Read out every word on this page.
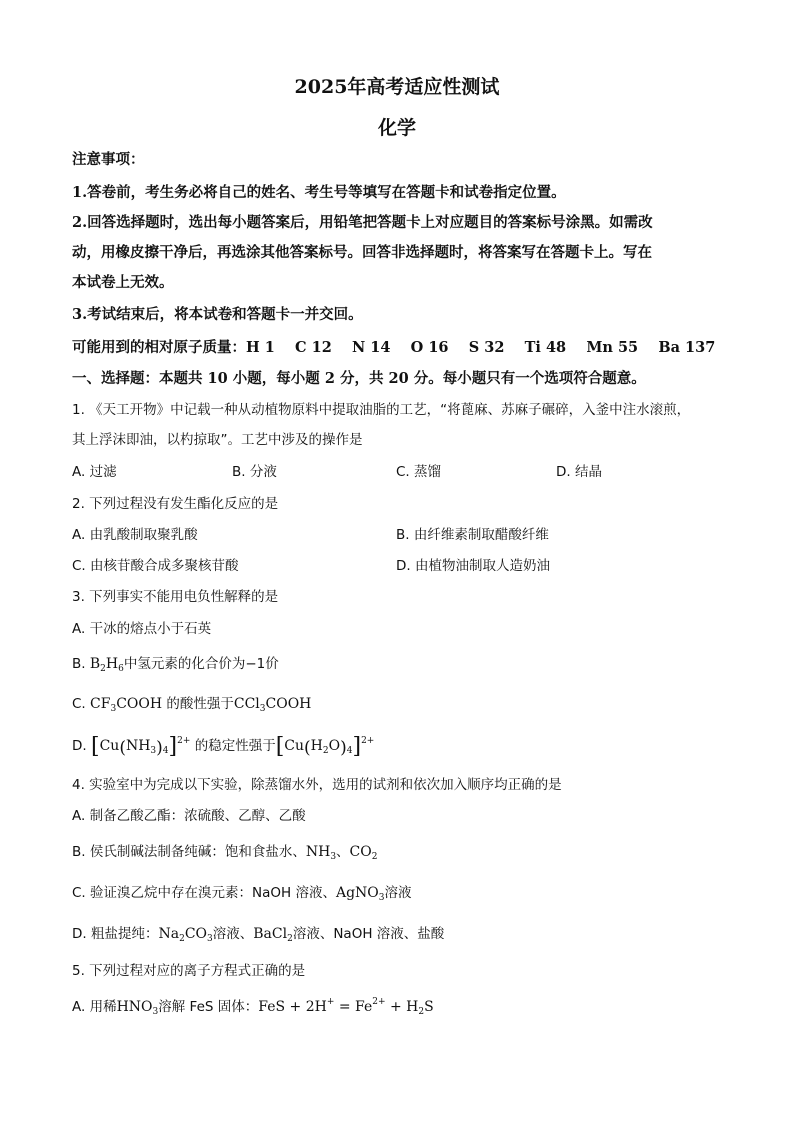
2025年高考适应性测试
化学
注意事项：
1.答卷前，考生务必将自己的姓名、考生号等填写在答题卡和试卷指定位置。
2.回答选择题时，选出每小题答案后，用铅笔把答题卡上对应题目的答案标号涂黑。如需改
动，用橡皮擦干净后，再选涂其他答案标号。回答非选择题时，将答案写在答题卡上。写在
本试卷上无效。
3.考试结束后，将本试卷和答题卡一并交回。
可能用到的相对原子质量：H 1    C 12    N 14    O 16    S 32    Ti 48    Mn 55    Ba 137
一、选择题：本题共 10 小题，每小题 2 分，共 20 分。每小题只有一个选项符合题意。
1. 《天工开物》中记载一种从动植物原料中提取油脂的工艺，“将蓖麻、苏麻子碾碎，入釜中注水滚煎，
其上浮沫即油，以杓掠取”。工艺中涉及的操作是
A. 过滤	B. 分液	C. 蒸馏	D. 结晶
2. 下列过程没有发生酯化反应的是
A. 由乳酸制取聚乳酸	B. 由纤维素制取醋酸纤维
C. 由核苷酸合成多聚核苷酸	D. 由植物油制取人造奶油
3. 下列事实不能用电负性解释的是
A. 干冰的熔点小于石英
B. $B_2H_6$中氢元素的化合价为−1价
C. $CF_3COOH$ 的酸性强于CCl$_3$COOH
D. $[Cu(NH_3)_4]^{2+}$ 的稳定性强于$[Cu(H_2O)_4]^{2+}$
4. 实验室中为完成以下实验，除蒸馏水外，选用的试剂和依次加入顺序均正确的是
A. 制备乙酸乙酯：浓硫酸、乙醇、乙酸
B. 侯氏制碱法制备纯碱：饱和食盐水、$NH_3$、$CO_2$
C. 验证溴乙烷中存在溴元素：NaOH 溶液、AgNO$_3$溶液
D. 粗盐提纯：$Na_2CO_3$溶液、BaCl$_2$溶液、NaOH 溶液、盐酸
5. 下列过程对应的离子方程式正确的是
A. 用稀$HNO_3$溶解 FeS 固体：FeS + $2H^+ = Fe^{2+} + H_2S$
